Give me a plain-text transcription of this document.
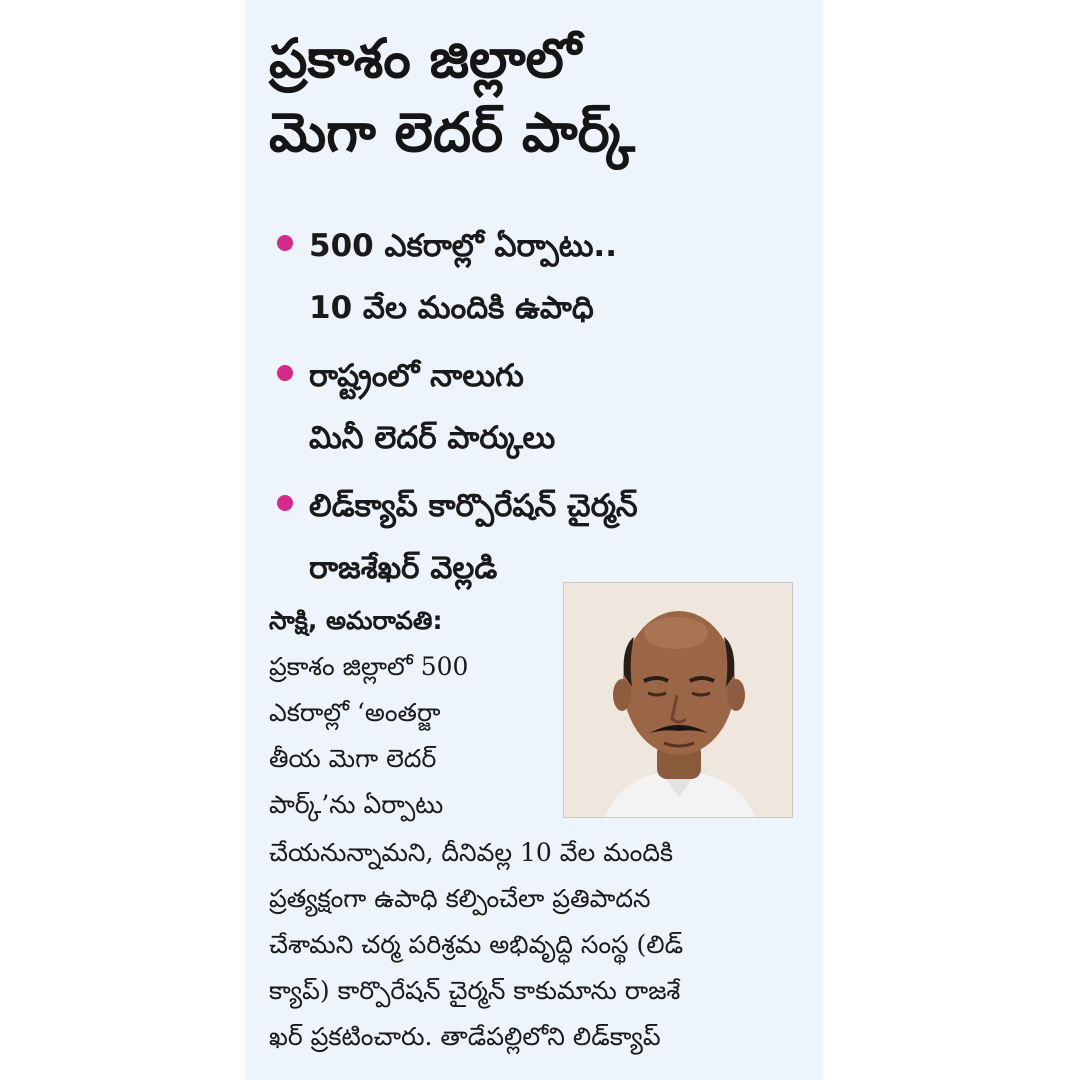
ప్రకాశం జిల్లాలో
మెగా లెదర్ పార్క్
500 ఎకరాల్లో ఏర్పాటు..
10 వేల మందికి ఉపాధి
రాష్ట్రంలో నాలుగు
మినీ లెదర్ పార్కులు
లిడ్‌క్యాప్ కార్పొరేషన్ చైర్మన్
రాజశేఖర్ వెల్లడి
సాక్షి, అమరావతి:
ప్రకాశం జిల్లాలో 500
ఎకరాల్లో ‘అంతర్జా
తీయ మెగా లెదర్
పార్క్’ను ఏర్పాటు
చేయనున్నామని, దీనివల్ల 10 వేల మందికి
ప్రత్యక్షంగా ఉపాధి కల్పించేలా ప్రతిపాదన
చేశామని చర్మ పరిశ్రమ అభివృద్ధి సంస్థ (లిడ్
క్యాప్) కార్పొరేషన్ చైర్మన్ కాకుమాను రాజశే
ఖర్ ప్రకటించారు. తాడేపల్లిలోని లిడ్‌క్యాప్
